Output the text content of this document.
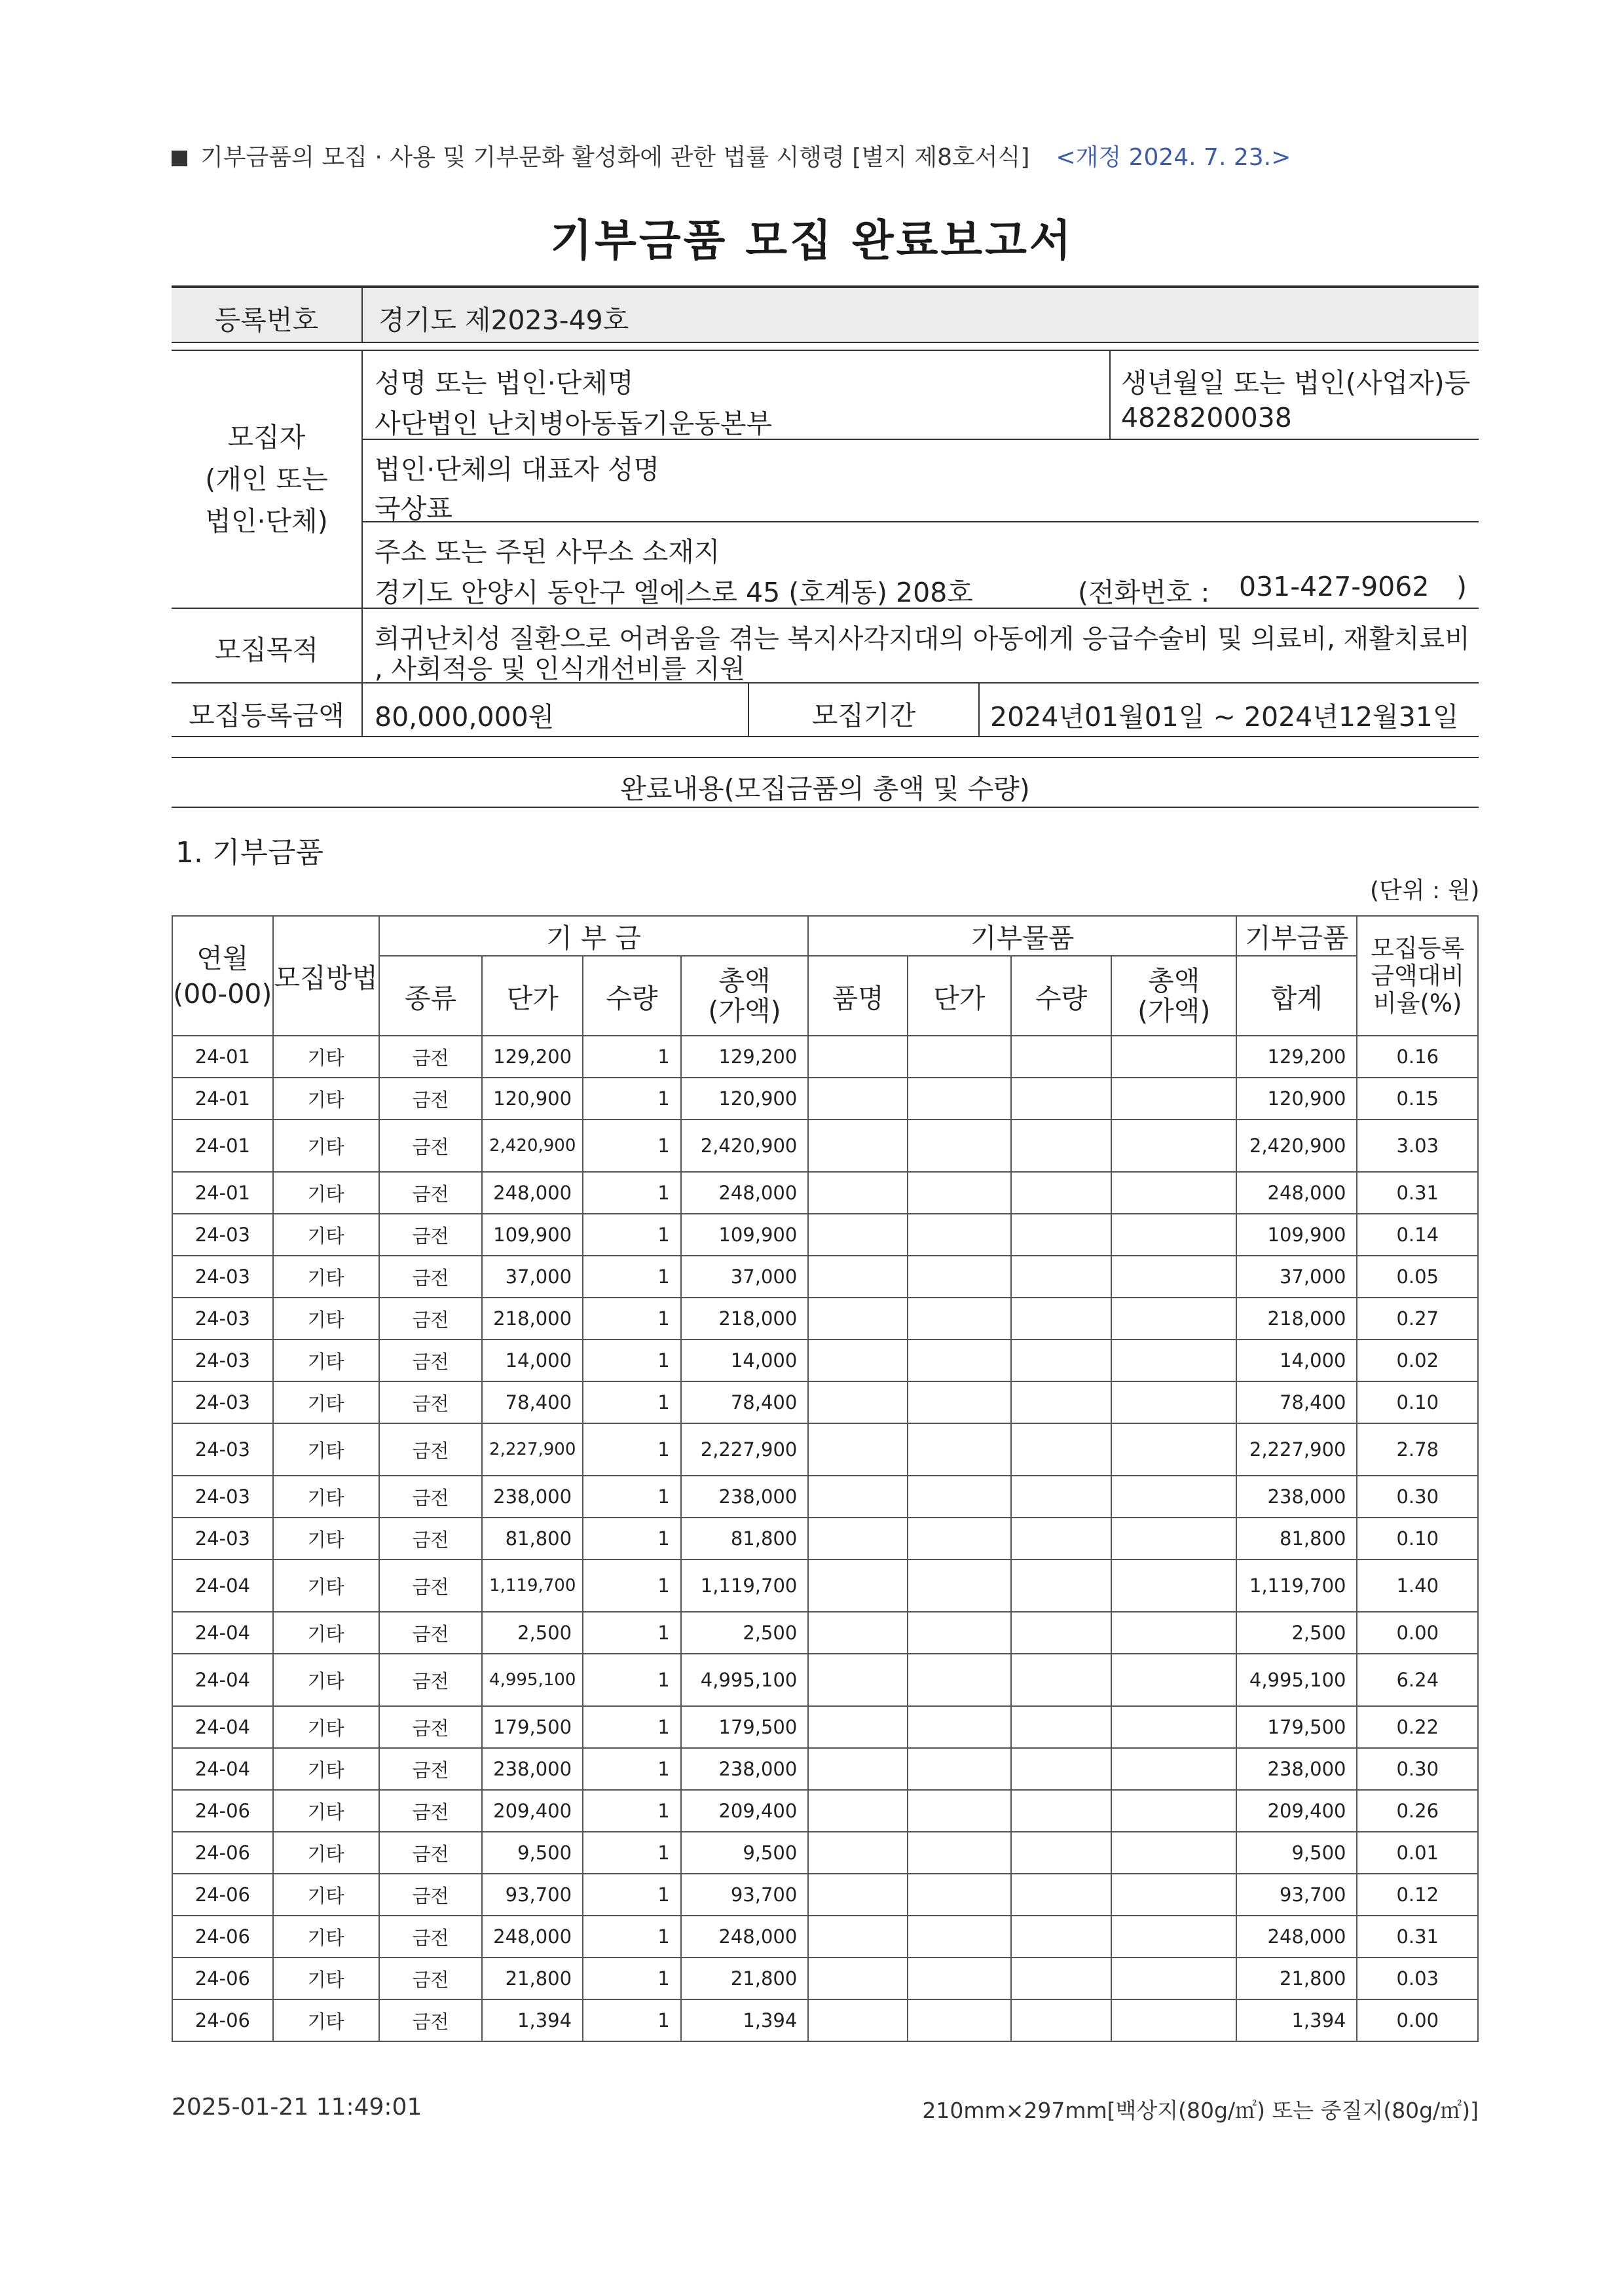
기부금품의 모집 · 사용 및 기부문화 활성화에 관한 법률 시행령 [별지 제8호서식] <개정 2024. 7. 23.>
기부금품 모집 완료보고서
등록번호	경기도 제2023-49호
모집자
(개인 또는
법인·단체)
성명 또는 법인·단체명
사단법인 난치병아동돕기운동본부
생년월일 또는 법인(사업자)등
4828200038
법인·단체의 대표자 성명
국상표
주소 또는 주된 사무소 소재지
경기도 안양시 동안구 엘에스로 45 (호계동) 208호	(전화번호 : 031-427-9062 )
모집목적	희귀난치성 질환으로 어려움을 겪는 복지사각지대의 아동에게 응급수술비 및 의료비, 재활치료비
, 사회적응 및 인식개선비를 지원
모집등록금액	80,000,000원	모집기간	2024년01월01일 ~ 2024년12월31일
완료내용(모집금품의 총액 및 수량)
1. 기부금품
(단위 : 원)
연월
(00-00)	모집방법	기 부 금				기부물품				기부금품	모집등록
금액대비
비율(%)
		종류	단가	수량	총액
(가액)	품명	단가	수량	총액
(가액)	합계	
24-01	기타	금전	129,200	1	129,200					129,200	0.16
24-01	기타	금전	120,900	1	120,900					120,900	0.15
24-01	기타	금전	2,420,900	1	2,420,900					2,420,900	3.03
24-01	기타	금전	248,000	1	248,000					248,000	0.31
24-03	기타	금전	109,900	1	109,900					109,900	0.14
24-03	기타	금전	37,000	1	37,000					37,000	0.05
24-03	기타	금전	218,000	1	218,000					218,000	0.27
24-03	기타	금전	14,000	1	14,000					14,000	0.02
24-03	기타	금전	78,400	1	78,400					78,400	0.10
24-03	기타	금전	2,227,900	1	2,227,900					2,227,900	2.78
24-03	기타	금전	238,000	1	238,000					238,000	0.30
24-03	기타	금전	81,800	1	81,800					81,800	0.10
24-04	기타	금전	1,119,700	1	1,119,700					1,119,700	1.40
24-04	기타	금전	2,500	1	2,500					2,500	0.00
24-04	기타	금전	4,995,100	1	4,995,100					4,995,100	6.24
24-04	기타	금전	179,500	1	179,500					179,500	0.22
24-04	기타	금전	238,000	1	238,000					238,000	0.30
24-06	기타	금전	209,400	1	209,400					209,400	0.26
24-06	기타	금전	9,500	1	9,500					9,500	0.01
24-06	기타	금전	93,700	1	93,700					93,700	0.12
24-06	기타	금전	248,000	1	248,000					248,000	0.31
24-06	기타	금전	21,800	1	21,800					21,800	0.03
24-06	기타	금전	1,394	1	1,394					1,394	0.00
2025-01-21 11:49:01	210mm×297mm[백상지(80g/㎡) 또는 중질지(80g/㎡)]
